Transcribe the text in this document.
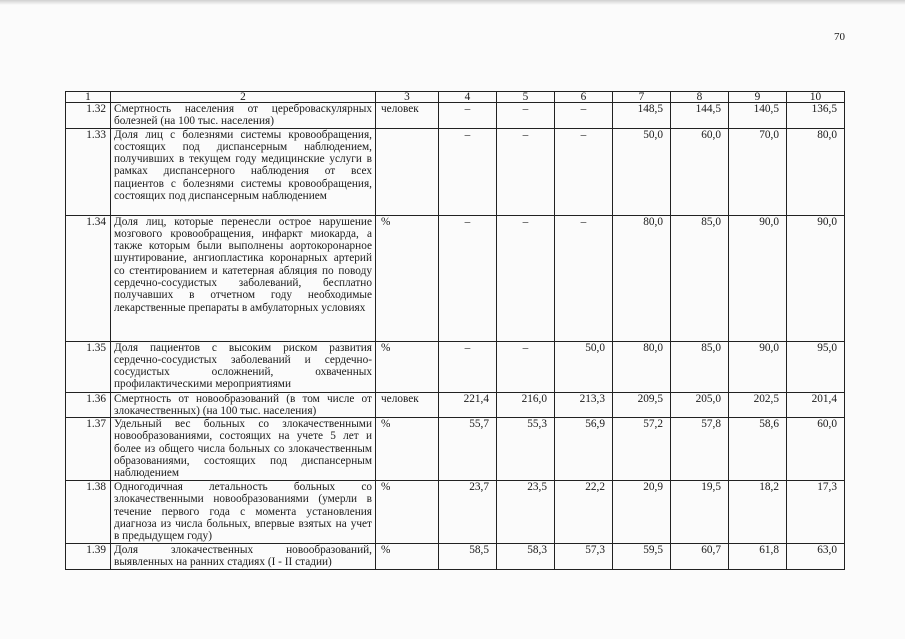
70
1	2	3	4	5	6	7	8	9	10
1.32	Смертность населения от цереброваскулярных болезней (на 100 тыс. населения)	человек	–	–	–	148,5	144,5	140,5	136,5
1.33	Доля лиц с болезнями системы кровообращения, состоящих под диспансерным наблюдением, получивших в текущем году медицинские услуги в рамках диспансерного наблюдения от всех пациентов с болезнями системы кровообращения, состоящих под диспансерным наблюдением		–	–	–	50,0	60,0	70,0	80,0
1.34	Доля лиц, которые перенесли острое нарушение мозгового кровообращения, инфаркт миокарда, а также которым были выполнены аортокоронарное шунтирование, ангиопластика коронарных артерий со стентированием и катетерная абляция по поводу сердечно-сосудистых заболеваний, бесплатно получавших в отчетном году необходимые лекарственные препараты в амбулаторных условиях	%	–	–	–	80,0	85,0	90,0	90,0
1.35	Доля пациентов с высоким риском развития сердечно-сосудистых заболеваний и сердечно-сосудистых осложнений, охваченных профилактическими мероприятиями	%	–	–	50,0	80,0	85,0	90,0	95,0
1.36	Смертность от новообразований (в том числе от злокачественных) (на 100 тыс. населения)	человек	221,4	216,0	213,3	209,5	205,0	202,5	201,4
1.37	Удельный вес больных со злокачественными новообразованиями, состоящих на учете 5 лет и более из общего числа больных со злокачественным образованиями, состоящих под диспансерным наблюдением	%	55,7	55,3	56,9	57,2	57,8	58,6	60,0
1.38	Одногодичная летальность больных со злокачественными новообразованиями (умерли в течение первого года с момента установления диагноза из числа больных, впервые взятых на учет в предыдущем году)	%	23,7	23,5	22,2	20,9	19,5	18,2	17,3
1.39	Доля злокачественных новообразований, выявленных на ранних стадиях (I - II стадии)	%	58,5	58,3	57,3	59,5	60,7	61,8	63,0
